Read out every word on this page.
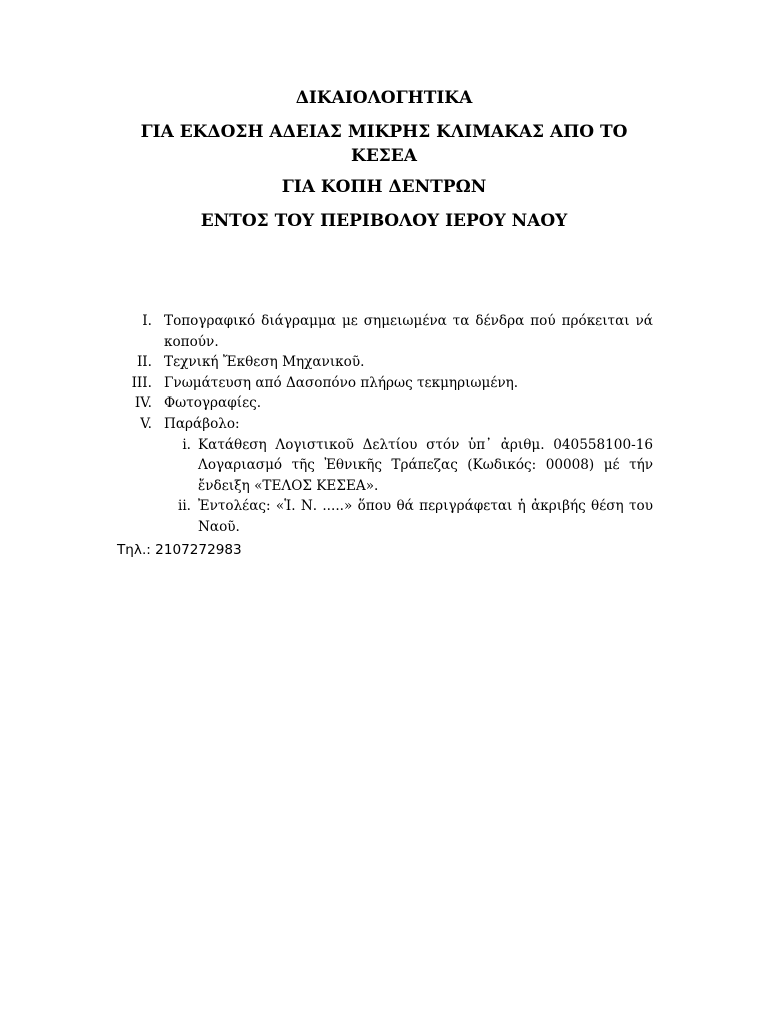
ΔΙΚΑΙΟΛΟΓΗΤΙΚΑ
ΓΙΑ ΕΚΔΟΣΗ ΑΔΕΙΑΣ ΜΙΚΡΗΣ ΚΛΙΜΑΚΑΣ ΑΠΟ ΤΟ ΚΕΣΕΑ
ΓΙΑ ΚΟΠΗ ΔΕΝΤΡΩΝ
ΕΝΤΟΣ ΤΟΥ ΠΕΡΙΒΟΛΟΥ ΙΕΡΟΥ ΝΑΟΥ
I. Τοπογραφικό διάγραμμα με σημειωμένα τα δένδρα πού πρόκειται νά κοπούν.
II. Τεχνική Ἔκθεση Μηχανικοῦ.
III. Γνωμάτευση από Δασοπόνο πλήρως τεκμηριωμένη.
IV. Φωτογραφίες.
V. Παράβολο:
i. Κατάθεση Λογιστικοῦ Δελτίου στόν ὑπ᾽ ἀριθμ. 040558100-16 Λογαριασμό τῆς Ἐθνικῆς Τράπεζας (Κωδικός: 00008) μέ τήν ἔνδειξη «ΤΕΛΟΣ ΚΕΣΕΑ».
ii. Ἐντολέας: «Ἱ. Ν. .....» ὅπου θά περιγράφεται ἡ ἀκριβής θέση του Ναοῦ.
Τηλ.: 2107272983
